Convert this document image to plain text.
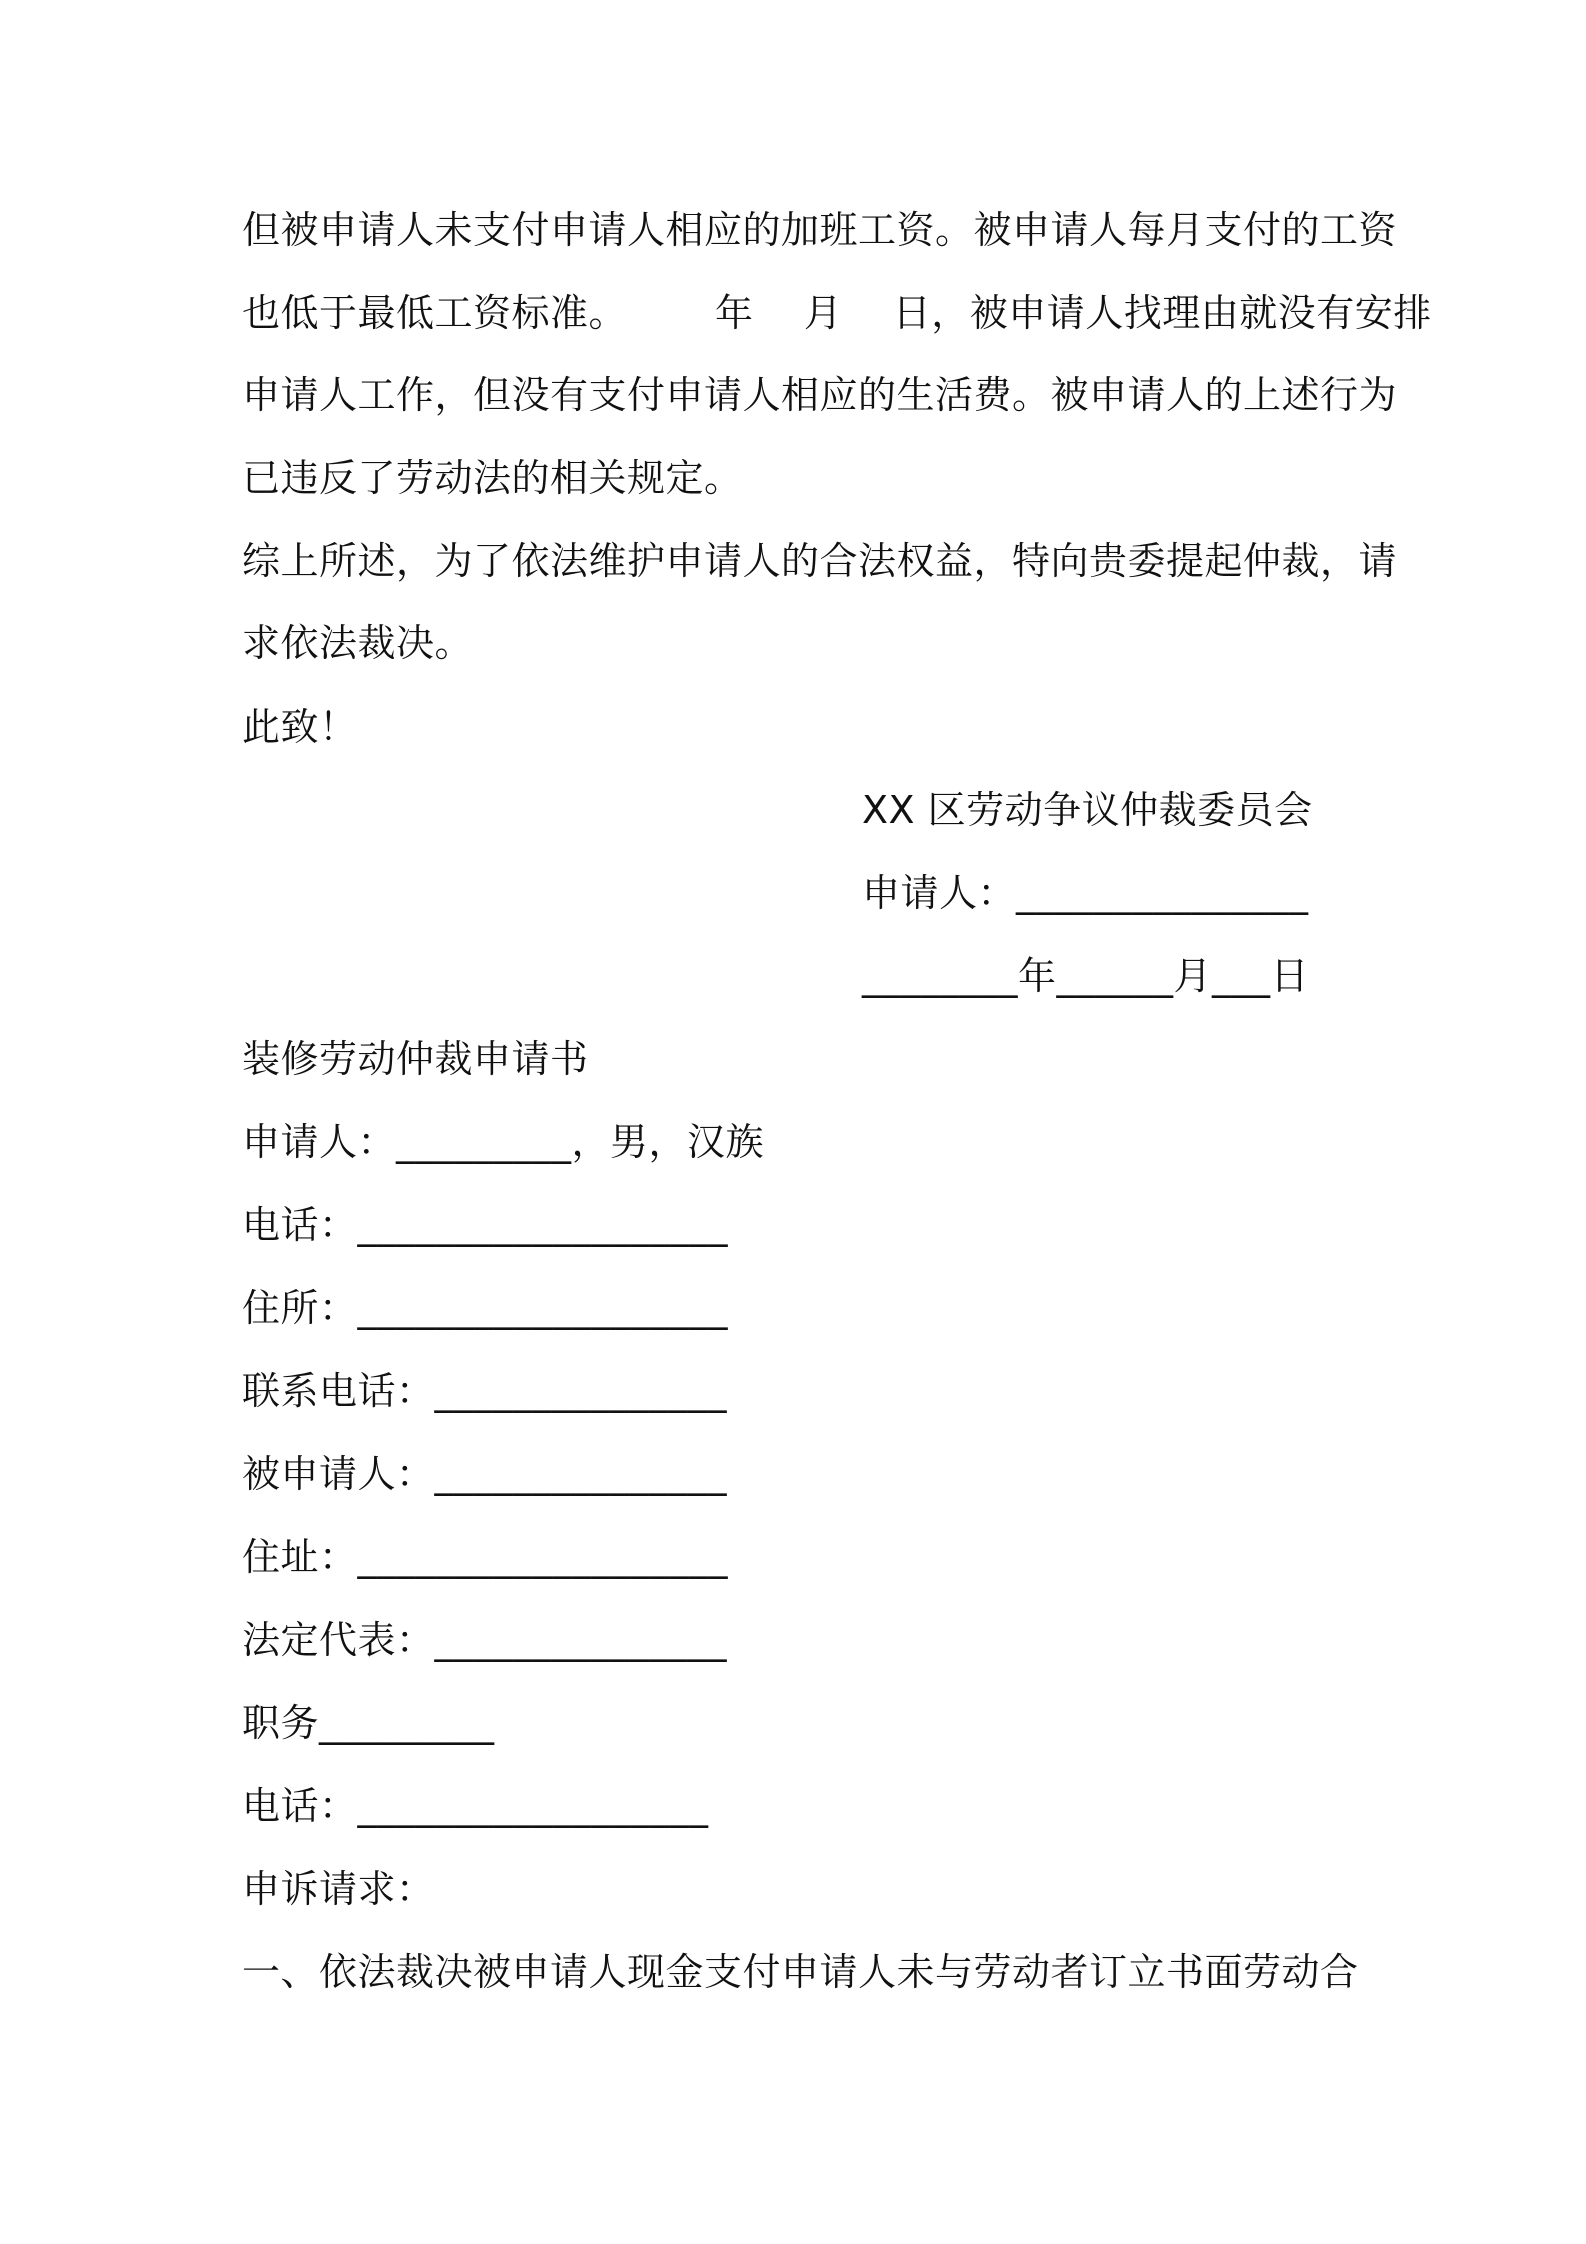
但被申请人未支付申请人相应的加班工资。被申请人每月支付的工资
也低于最低工资标准。       年    月    日，被申请人找理由就没有安排
申请人工作，但没有支付申请人相应的生活费。被申请人的上述行为
已违反了劳动法的相关规定。
综上所述，为了依法维护申请人的合法权益，特向贵委提起仲裁，请
求依法裁决。
此致！
XX 区劳动争议仲裁委员会
申请人：_______________
________年______月___日
装修劳动仲裁申请书
申请人：_________，男，汉族
电话：___________________
住所：___________________
联系电话：_______________
被申请人：_______________
住址：___________________
法定代表：_______________
职务_________
电话：__________________
申诉请求：
一、依法裁决被申请人现金支付申请人未与劳动者订立书面劳动合
